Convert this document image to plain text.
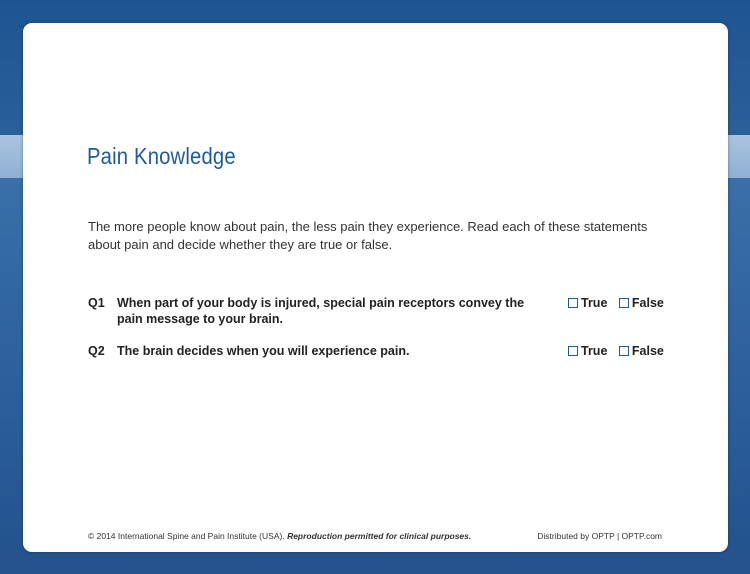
Pain Knowledge
The more people know about pain, the less pain they experience. Read each of these statements about pain and decide whether they are true or false.
Q1 When part of your body is injured, special pain receptors convey the pain message to your brain.
True False
Q2 The brain decides when you will experience pain.	True False
© 2014 International Spine and Pain Institute (USA). Reproduction permitted for clinical purposes.	Distributed by OPTP | OPTP.com
